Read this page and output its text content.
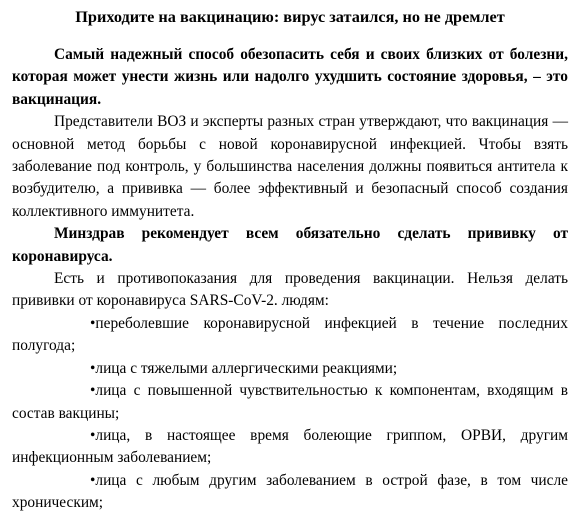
Приходите на вакцинацию: вирус затаился, но не дремлет

Самый надежный способ обезопасить себя и своих близких от болезни, которая может унести жизнь или надолго ухудшить состояние здоровья, – это вакцинация.

Представители ВОЗ и эксперты разных стран утверждают, что вакцинация — основной метод борьбы с новой коронавирусной инфекцией. Чтобы взять заболевание под контроль, у большинства населения должны появиться антитела к возбудителю, а прививка — более эффективный и безопасный способ создания коллективного иммунитета.

Минздрав рекомендует всем обязательно сделать прививку от коронавируса.

Есть и противопоказания для проведения вакцинации. Нельзя делать прививки от коронавируса SARS-CoV-2. людям:

•переболевшие коронавирусной инфекцией в течение последних полугода;
•лица с тяжелыми аллергическими реакциями;
•лица с повышенной чувствительностью к компонентам, входящим в состав вакцины;
•лица, в настоящее время болеющие гриппом, ОРВИ, другим инфекционным заболеванием;
•лица с любым другим заболеванием в острой фазе, в том числе хроническим;
